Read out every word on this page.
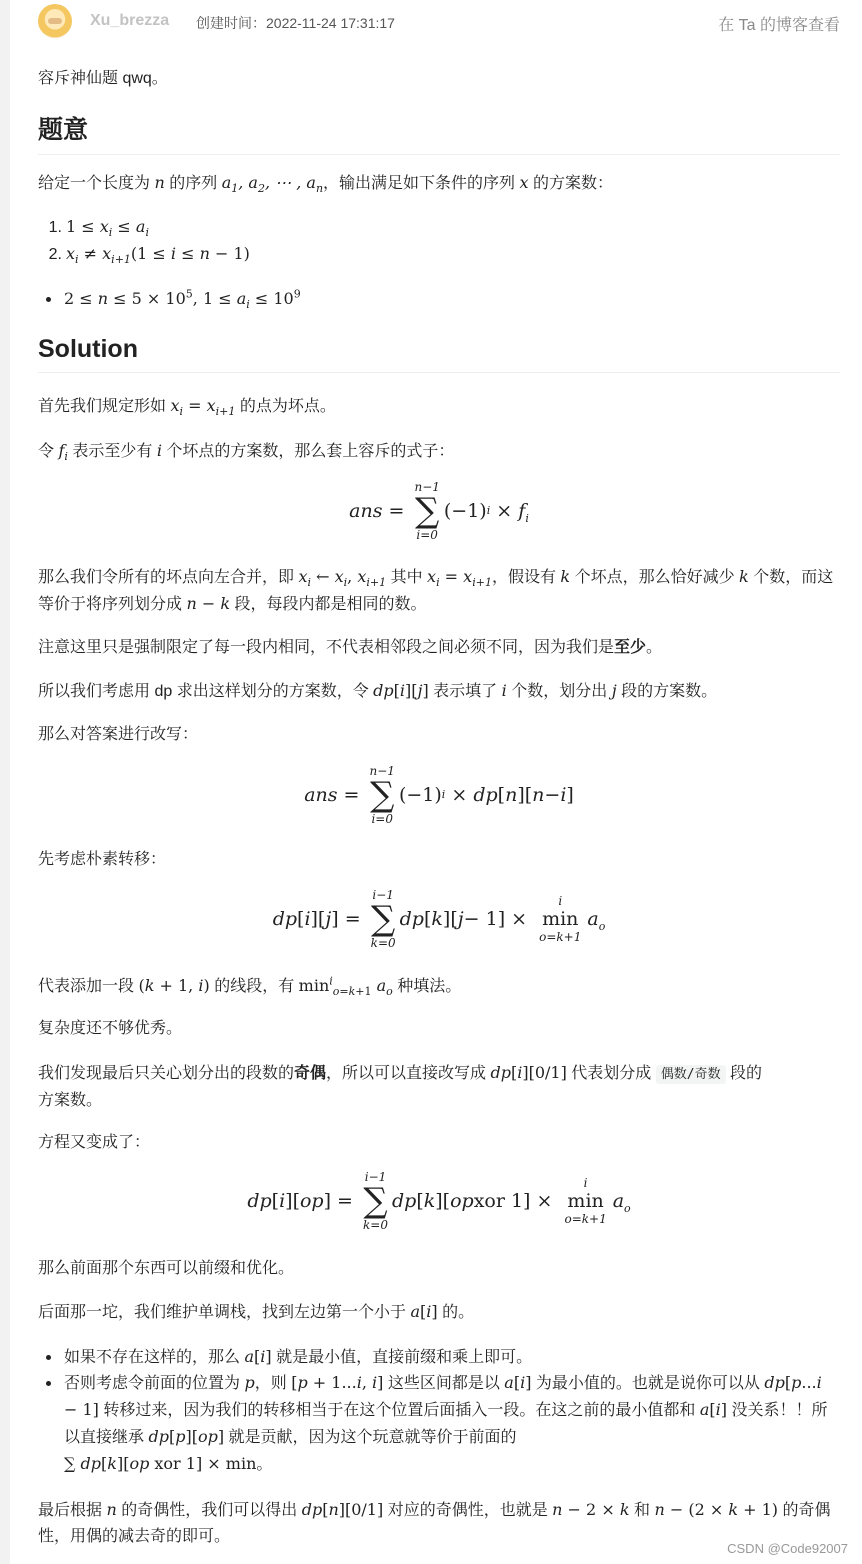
Xu_brezza 创建时间：2022-11-24 17:31:17	在 Ta 的博客查看

容斥神仙题 qwq。

题意

给定一个长度为 n 的序列 $a_1$, $a_2$, ⋯ , $a_n$，输出满足如下条件的序列 x 的方案数：

1. $1 \le x_i \le a_i$
2. $x_i \ne x_{i+1}(1 \le i \le n - 1)$
$2 \le n \le 5 \times 10^5$, $1 \le a_i \le 10^9$
Solution

首先我们规定形如 $x_i = x_{i+1}$ 的点为坏点。

令 $f_i$ 表示至少有 i 个坏点的方案数，那么套上容斥的式子：

ans =
n−1
∑
i=0
(−1) $i \times f_i$

那么我们令所有的坏点向左合并，即 $x_i$ ← $x_i$, $x_{i+1}$ 其中 $x_i = x_{i+1}$，假设有 k 个坏点，那么恰好减少 k 个数，而这等价于将序列划分成 n − k 段，每段内都是相同的数。

注意这里只是强制限定了每一段内相同，不代表相邻段之间必须不同，因为我们是至少。

所以我们考虑用 dp 求出这样划分的方案数，令 dp[i][j] 表示填了 i 个数，划分出 j 段的方案数。

那么对答案进行改写：

ans =
n−1
∑
i=0
(−1) i × dp [ n ][ n − i ]

先考虑朴素转移：

dp [ i ][ j ] =
i−1
∑
k=0
dp [ k ][ j − 1] ×
i
min
o=k+1
$a_o$

代表添加一段 (k + 1, i) 的线段，有 $\min^i_{o=k+1} a_o$ 种填法。

复杂度还不够优秀。

我们发现最后只关心划分出的段数的奇偶，所以可以直接改写成 dp[i][0/1] 代表划分成 偶数/奇数 段的
方案数。

方程又变成了：

dp [ i ][ op ] =
i−1
∑
k=0
dp [ k ][ op xor 1] ×
i
min
o=k+1
$a_o$

那么前面那个东西可以前缀和优化。

后面那一坨，我们维护单调栈，找到左边第一个小于 a[i] 的。

如果不存在这样的，那么 a[i] 就是最小值，直接前缀和乘上即可。
否则考虑令前面的位置为 p，则 [p + 1...i, i] 这些区间都是以 a[i] 为最小值的。也就是说你可以从 dp[p...i − 1] 转移过来，因为我们的转移相当于在这个位置后面插入一段。在这之前的最小值都和 a[i] 没关系！！所以直接继承 dp[p][op] 就是贡献，因为这个玩意就等价于前面的
∑ dp[k][op xor 1] × min。

最后根据 n 的奇偶性，我们可以得出 dp[n][0/1] 对应的奇偶性，也就是 n − 2 × k 和 n − (2 × k + 1) 的奇偶性，用偶的减去奇的即可。

CSDN @Code92007
